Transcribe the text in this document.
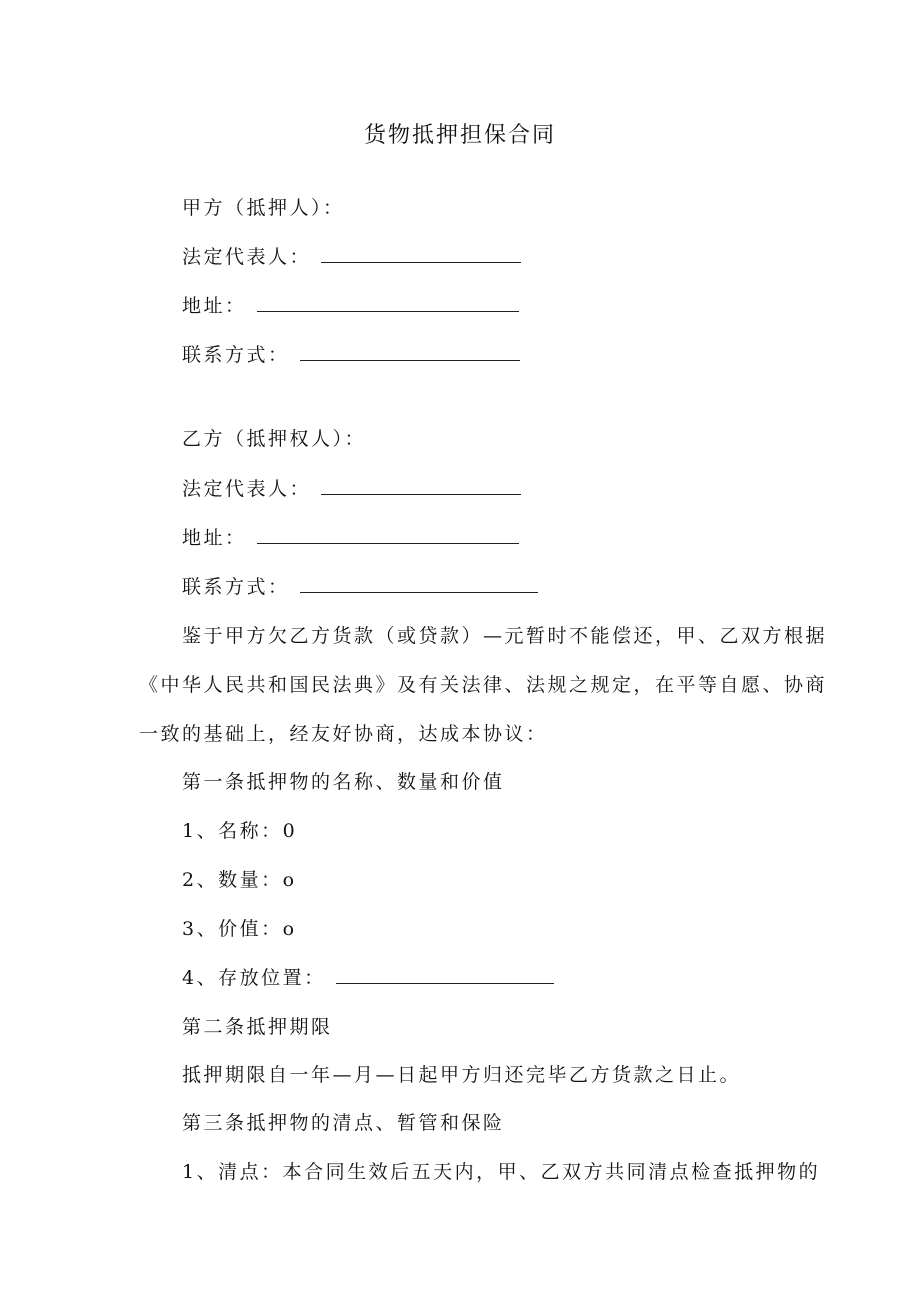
货物抵押担保合同
甲方（抵押人）：
法定代表人：
地址：
联系方式：
乙方（抵押权人）：
法定代表人：
地址：
联系方式：
鉴于甲方欠乙方货款（或贷款）—元暂时不能偿还，甲、乙双方根据
《中华人民共和国民法典》及有关法律、法规之规定，在平等自愿、协商
一致的基础上，经友好协商，达成本协议：
第一条抵押物的名称、数量和价值
1、名称：0
2、数量：o
3、价值：o
4、存放位置：
第二条抵押期限
抵押期限自一年—月—日起甲方归还完毕乙方货款之日止。
第三条抵押物的清点、暂管和保险
1、清点：本合同生效后五天内，甲、乙双方共同清点检查抵押物的
